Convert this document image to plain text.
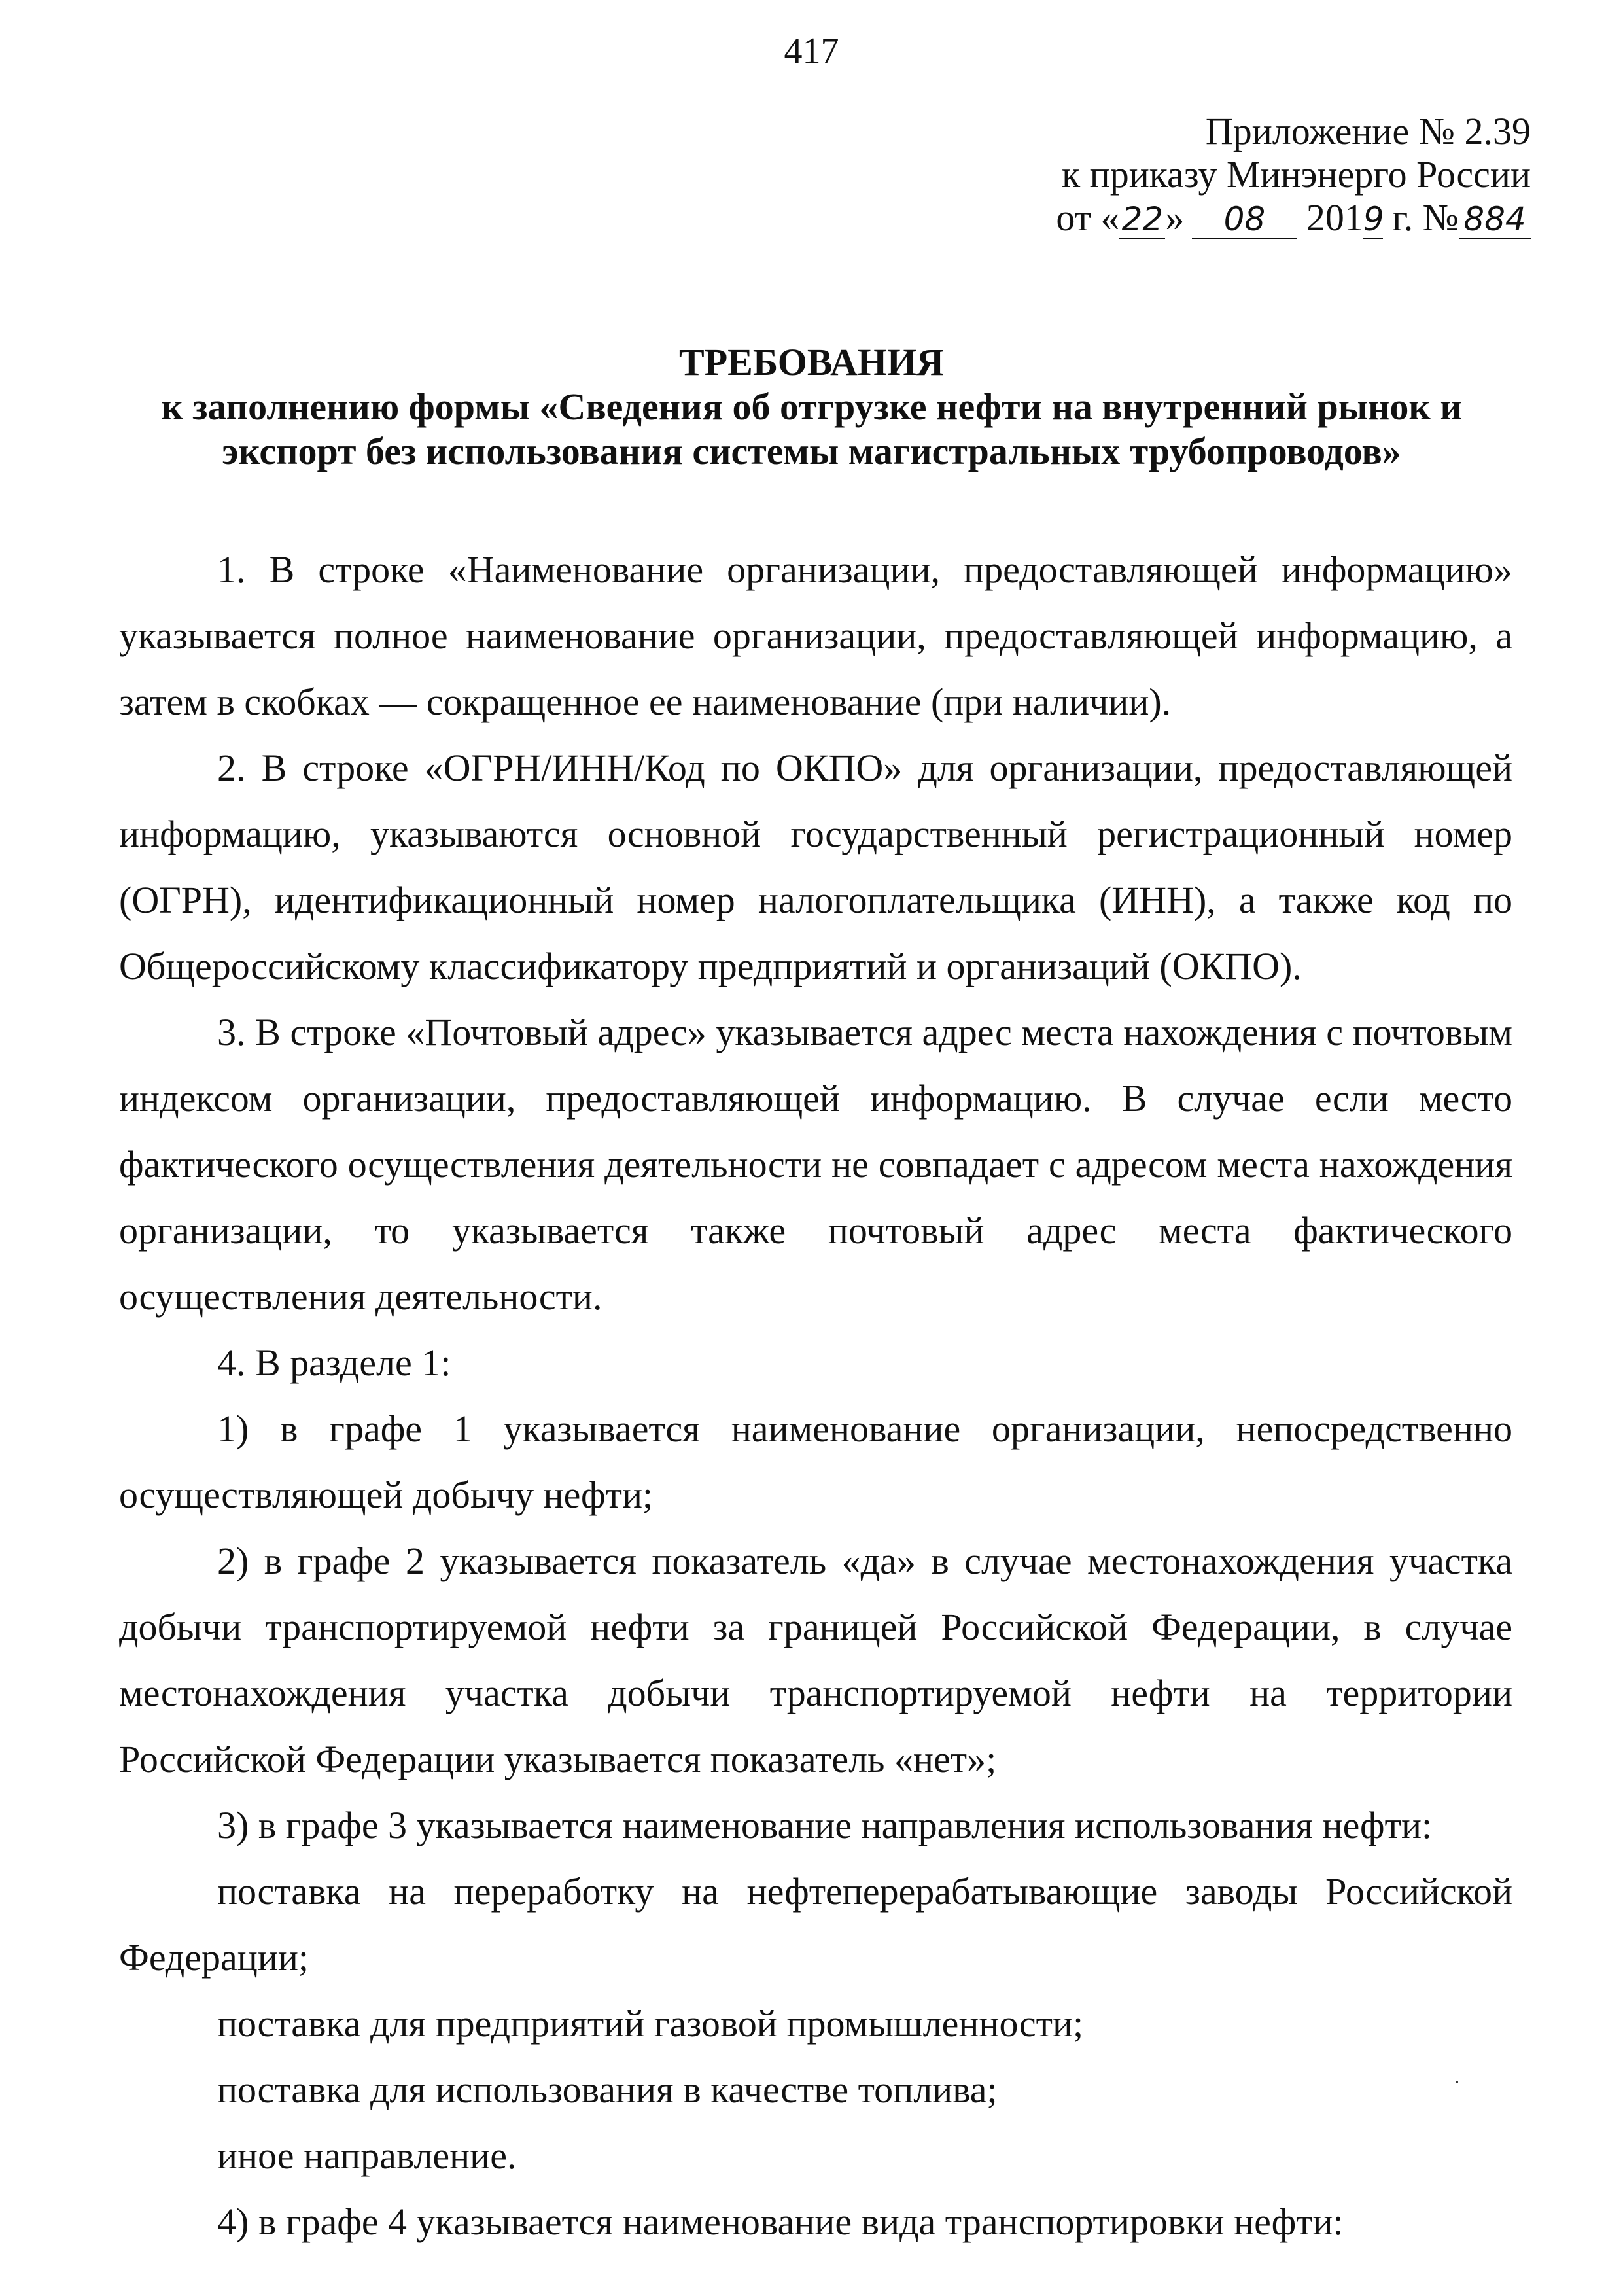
417
Приложение № 2.39
к приказу Минэнерго России
от «22» 08 2019 г. № 884
ТРЕБОВАНИЯ
к заполнению формы «Сведения об отгрузке нефти на внутренний рынок и
экспорт без использования системы магистральных трубопроводов»

1. В строке «Наименование организации, предоставляющей информацию» указывается полное наименование организации, предоставляющей информацию, а затем в скобках — сокращенное ее наименование (при наличии).

2. В строке «ОГРН/ИНН/Код по ОКПО» для организации, предоставляющей информацию, указываются основной государственный регистрационный номер (ОГРН), идентификационный номер налогоплательщика (ИНН), а также код по Общероссийскому классификатору предприятий и организаций (ОКПО).

3. В строке «Почтовый адрес» указывается адрес места нахождения с почтовым индексом организации, предоставляющей информацию. В случае если место фактического осуществления деятельности не совпадает с адресом места нахождения организации, то указывается также почтовый адрес места фактического осуществления деятельности.

4. В разделе 1:

1) в графе 1 указывается наименование организации, непосредственно осуществляющей добычу нефти;

2) в графе 2 указывается показатель «да» в случае местонахождения участка добычи транспортируемой нефти за границей Российской Федерации, в случае местонахождения участка добычи транспортируемой нефти на территории Российской Федерации указывается показатель «нет»;

3) в графе 3 указывается наименование направления использования нефти:

поставка на переработку на нефтеперерабатывающие заводы Российской Федерации;

поставка для предприятий газовой промышленности;

поставка для использования в качестве топлива;

иное направление.

4) в графе 4 указывается наименование вида транспортировки нефти:
